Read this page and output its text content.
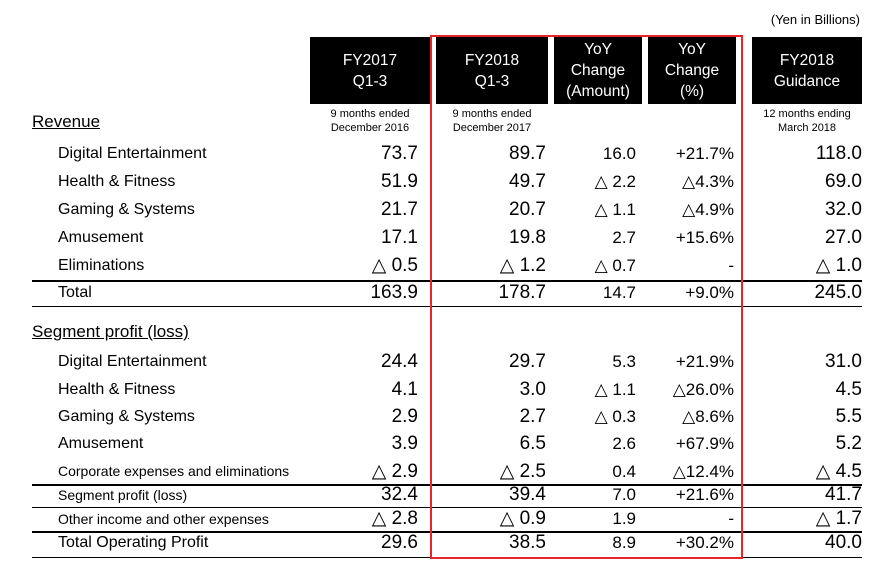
(Yen in Billions)
FY2017
Q1-3
FY2018
Q1-3
YoY
Change
(Amount)
YoY
Change
(%)
FY2018
Guidance
9 months ended
December 2016
9 months ended
December 2017
12 months ending
March 2018
Revenue
Digital Entertainment	73.7	89.7	16.0 +21.7%	118.0
Health & Fitness	51.9	49.7	△ 2.2	△4.3%	69.0
Gaming & Systems	21.7	20.7	△ 1.1	△4.9%	32.0
Amusement	17.1	19.8	2.7 +15.6%	27.0
Eliminations	△ 0.5	△ 1.2	△ 0.7	-	△ 1.0
Total	163.9	178.7	14.7	+9.0%	245.0
Segment profit (loss)
Digital Entertainment	24.4	29.7	5.3 +21.9%	31.0
Health & Fitness	4.1	3.0	△ 1.1 △26.0%	4.5
Gaming & Systems	2.9	2.7	△ 0.3	△8.6%	5.5
Amusement	3.9	6.5	2.6 +67.9%	5.2
Corporate expenses and eliminations	△ 2.9	△ 2.5	0.4 △12.4%	△ 4.5
Segment profit (loss)	32.4	39.4	7.0 +21.6%	41.7
Other income and other expenses	△ 2.8	△ 0.9	1.9	-	△ 1.7
Total Operating Profit	29.6	38.5	8.9 +30.2%	40.0
